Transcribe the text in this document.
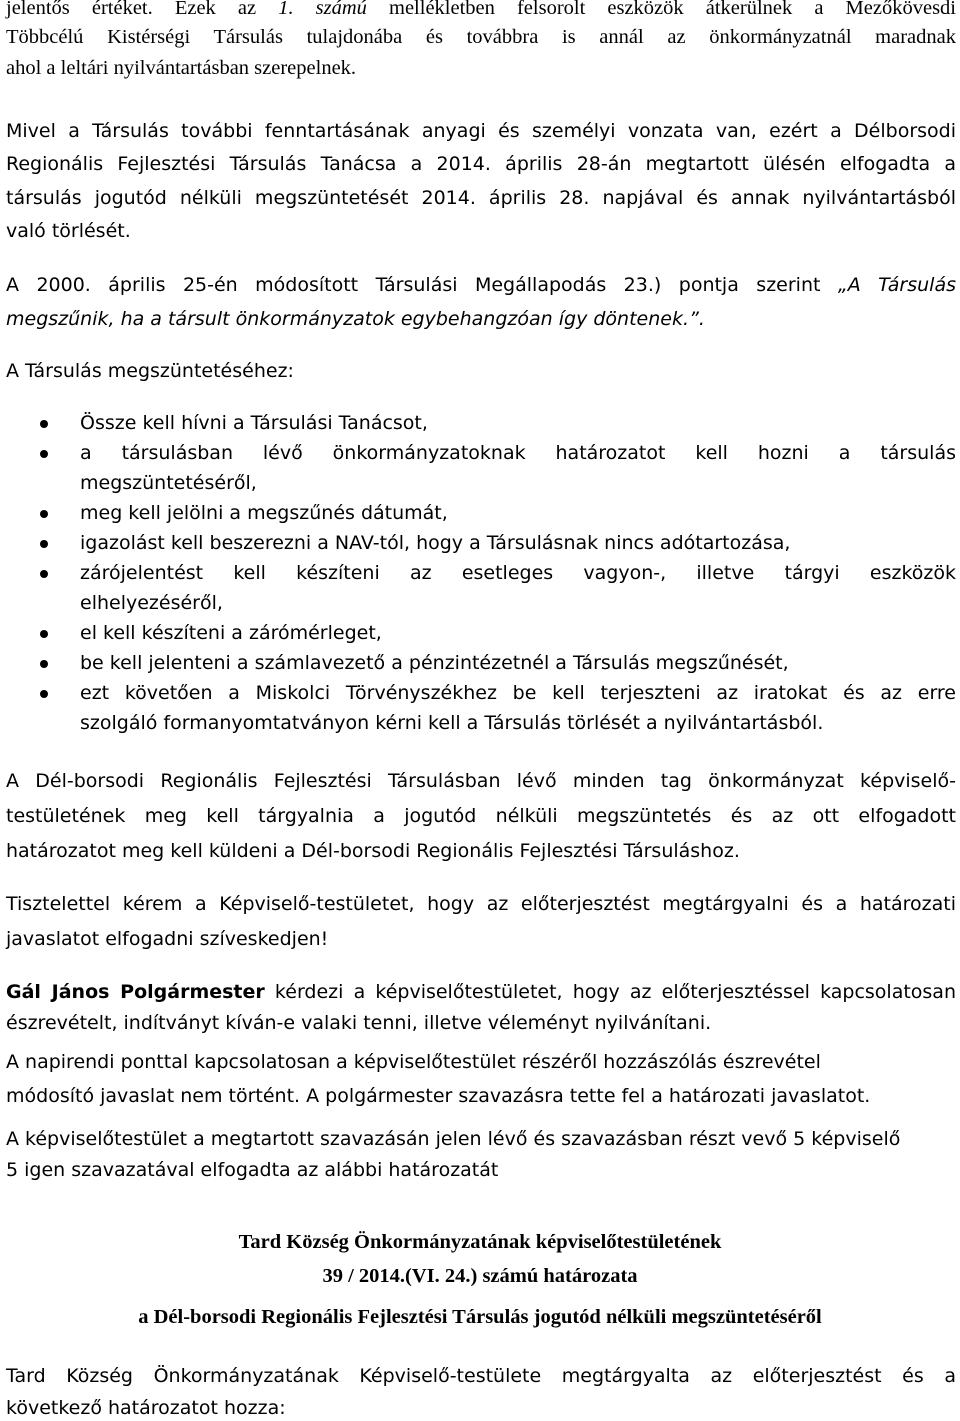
jelentős értéket. Ezek az 1. számú mellékletben felsorolt eszközök átkerülnek a Mezőkövesdi
Többcélú Kistérségi Társulás tulajdonába és továbbra is annál az önkormányzatnál maradnak
ahol a leltári nyilvántartásban szerepelnek.
Mivel a Társulás további fenntartásának anyagi és személyi vonzata van, ezért a Délborsodi
Regionális Fejlesztési Társulás Tanácsa a 2014. április 28-án megtartott ülésén elfogadta a
társulás jogutód nélküli megszüntetését 2014. április 28. napjával és annak nyilvántartásból
való törlését.
A 2000. április 25-én módosított Társulási Megállapodás 23.) pontja szerint „A Társulás
megszűnik, ha a társult önkormányzatok egybehangzóan így döntenek.”.
A Társulás megszüntetéséhez:
Össze kell hívni a Társulási Tanácsot,
a társulásban lévő önkormányzatoknak határozatot kell hozni a társulás
megszüntetéséről,
meg kell jelölni a megszűnés dátumát,
igazolást kell beszerezni a NAV-tól, hogy a Társulásnak nincs adótartozása,
zárójelentést kell készíteni az esetleges vagyon-, illetve tárgyi eszközök
elhelyezéséről,
el kell készíteni a zárómérleget,
be kell jelenteni a számlavezető a pénzintézetnél a Társulás megszűnését,
ezt követően a Miskolci Törvényszékhez be kell terjeszteni az iratokat és az erre
szolgáló formanyomtatványon kérni kell a Társulás törlését a nyilvántartásból.
A Dél-borsodi Regionális Fejlesztési Társulásban lévő minden tag önkormányzat képviselő-
testületének meg kell tárgyalnia a jogutód nélküli megszüntetés és az ott elfogadott
határozatot meg kell küldeni a Dél-borsodi Regionális Fejlesztési Társuláshoz.
Tisztelettel kérem a Képviselő-testületet, hogy az előterjesztést megtárgyalni és a határozati
javaslatot elfogadni szíveskedjen!
Gál János Polgármester kérdezi a képviselőtestületet, hogy az előterjesztéssel kapcsolatosan
észrevételt, indítványt kíván-e valaki tenni, illetve véleményt nyilvánítani.
A napirendi ponttal kapcsolatosan a képviselőtestület részéről hozzászólás észrevétel
módosító javaslat nem történt. A polgármester szavazásra tette fel a határozati javaslatot.
A képviselőtestület a megtartott szavazásán jelen lévő és szavazásban részt vevő 5 képviselő
5 igen szavazatával elfogadta az alábbi határozatát
Tard Község Önkormányzatának képviselőtestületének
39 / 2014.(VI. 24.) számú határozata
a Dél-borsodi Regionális Fejlesztési Társulás jogutód nélküli megszüntetéséről
Tard Község Önkormányzatának Képviselő-testülete megtárgyalta az előterjesztést és a
következő határozatot hozza:
